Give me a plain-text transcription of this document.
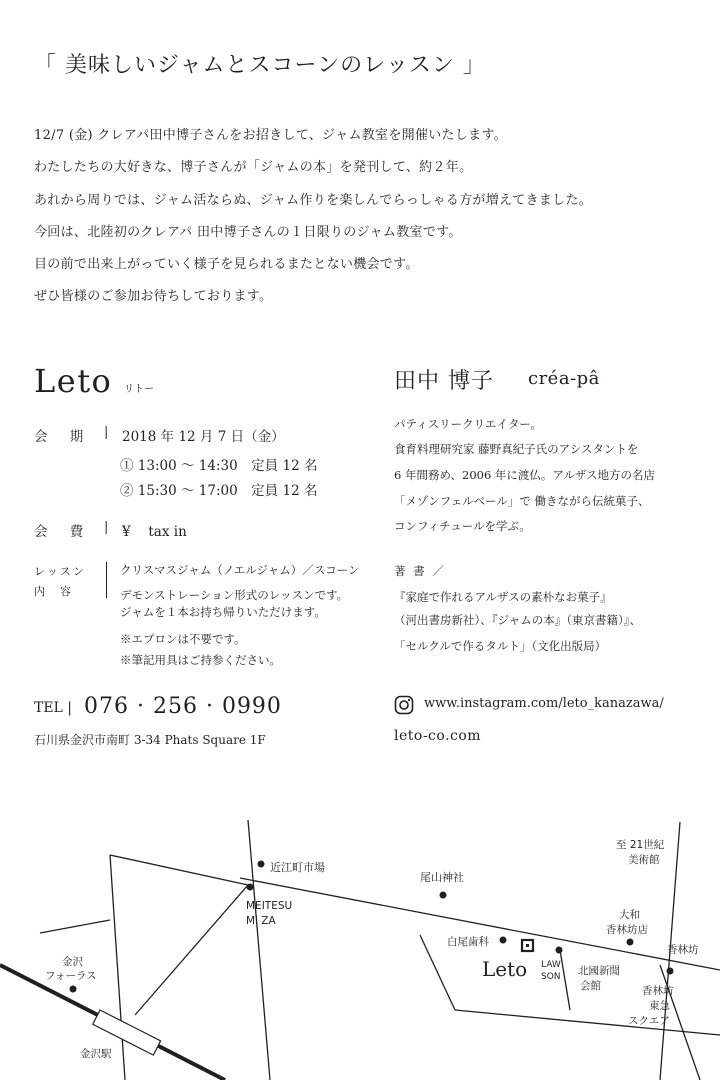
「 美味しいジャムとスコーンのレッスン 」
12/7 (金) クレアパ田中博子さんをお招きして、ジャム教室を開催いたします。
わたしたちの大好きな、博子さんが「ジャムの本」を発刊して、約２年。
あれから周りでは、ジャム活ならぬ、ジャム作りを楽しんでらっしゃる方が増えてきました。
今回は、北陸初のクレアパ 田中博子さんの１日限りのジャム教室です。
目の前で出来上がっていく様子を見られるまたとない機会です。
ぜひ皆様のご参加お待ちしております。
Leto リトー
会 期 | 2018 年 12 月 7 日（金）
① 13:00 ～ 14:30　定員 12 名
② 15:30 ～ 17:00　定員 12 名
会 費 | ¥　 tax in
レッスン
内　容
クリスマスジャム（ノエルジャム）／スコーン
デモンストレーション形式のレッスンです。
ジャムを１本お持ち帰りいただけます。
※エプロンは不要です。
※筆記用具はご持参ください。
TEL | 076 · 256 · 0990
石川県金沢市南町 3-34 Phats Square 1F
田中 博子 créa-pâ
パティスリークリエイター。
食育料理研究家 藤野真紀子氏のアシスタントを
6 年間務め、2006 年に渡仏。アルザス地方の名店
「メゾンフェルベール」で 働きながら伝統菓子、
コンフィチュールを学ぶ。
著 書 ／
『家庭で作れるアルザスの素朴なお菓子』
（河出書房新社）、『ジャムの本』（東京書籍）』、
「セルクルで作るタルト」（文化出版局）
www.instagram.com/leto_kanazawa/
leto-co.com
近江町市場
MEITESU
M' ZA
尾山神社
至 21世紀
美術館
大和
香林坊店
香林坊
香林坊
東急
スクエア
白尾歯科
Leto LAW
SON 北國新聞
会館
金沢
フォーラス
金沢駅
